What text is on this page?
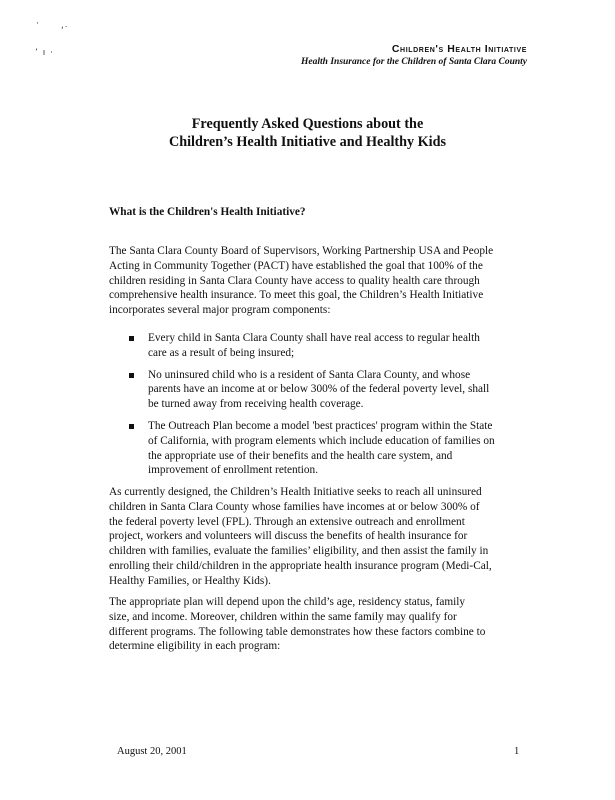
·
‘˙
ʼ ı ·	Children's Health Initiative
Health Insurance for the Children of Santa Clara County
Frequently Asked Questions about the
Children’s Health Initiative and Healthy Kids
What is the Children's Health Initiative?
The Santa Clara County Board of Supervisors, Working Partnership USA and People
Acting in Community Together (PACT) have established the goal that 100% of the
children residing in Santa Clara County have access to quality health care through
comprehensive health insurance. To meet this goal, the Children’s Health Initiative
incorporates several major program components:
Every child in Santa Clara County shall have real access to regular health
care as a result of being insured;
No uninsured child who is a resident of Santa Clara County, and whose
parents have an income at or below 300% of the federal poverty level, shall
be turned away from receiving health coverage.
The Outreach Plan become a model 'best practices' program within the State
of California, with program elements which include education of families on
the appropriate use of their benefits and the health care system, and
improvement of enrollment retention.
As currently designed, the Children’s Health Initiative seeks to reach all uninsured
children in Santa Clara County whose families have incomes at or below 300% of
the federal poverty level (FPL). Through an extensive outreach and enrollment
project, workers and volunteers will discuss the benefits of health insurance for
children with families, evaluate the families’ eligibility, and then assist the family in
enrolling their child/children in the appropriate health insurance program (Medi-Cal,
Healthy Families, or Healthy Kids).
The appropriate plan will depend upon the child’s age, residency status, family
size, and income. Moreover, children within the same family may qualify for
different programs. The following table demonstrates how these factors combine to
determine eligibility in each program:
August 20, 2001	1
